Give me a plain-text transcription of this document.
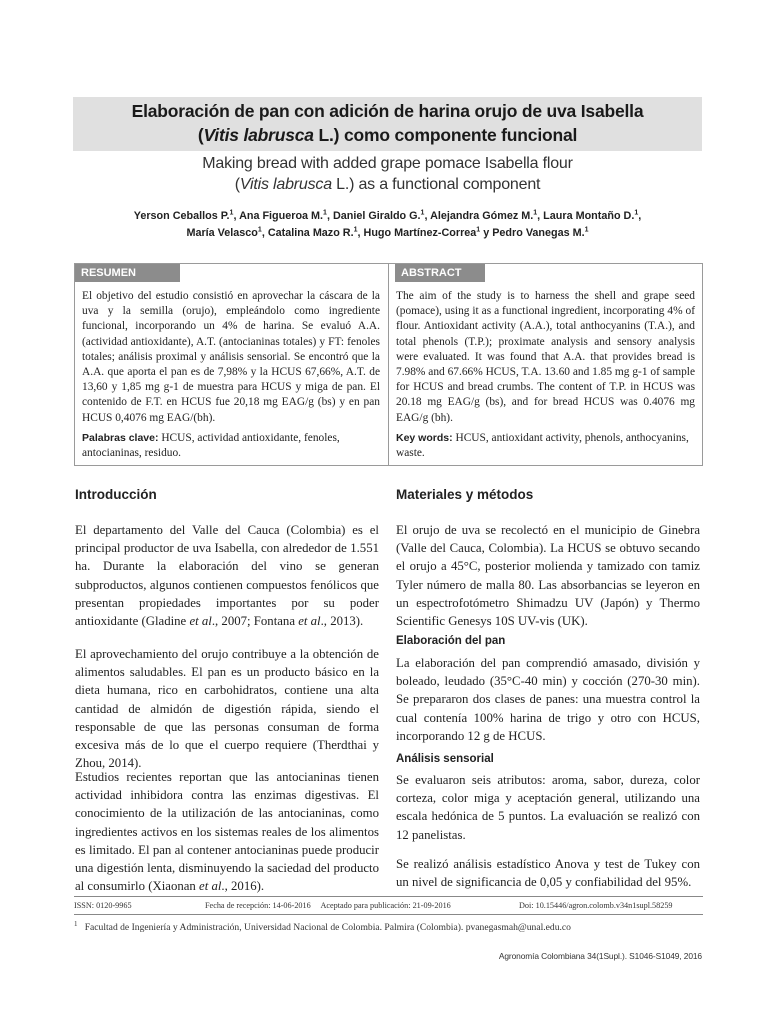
Elaboración de pan con adición de harina orujo de uva Isabella
(Vitis labrusca L.) como componente funcional
Making bread with added grape pomace Isabella flour
(Vitis labrusca L.) as a functional component
Yerson Ceballos P.$^1$, Ana Figueroa M.$^1$, Daniel Giraldo G.$^1$, Alejandra Gómez M.$^1$, Laura Montaño D.$^1$,
María Velasco$^1$, Catalina Mazo R.$^1$, Hugo Martínez-Correa$^1$ y Pedro Vanegas M.$^1$
RESUMEN
El objetivo del estudio consistió en aprovechar la cáscara de la uva y la semilla (orujo), empleándolo como ingrediente funcional, incorporando un 4% de harina. Se evaluó A.A. (actividad antioxidante), A.T. (antocianinas totales) y FT: fenoles totales; análisis proximal y análisis sensorial. Se encontró que la A.A. que aporta el pan es de 7,98% y la HCUS 67,66%, A.T. de 13,60 y 1,85 mg g-1 de muestra para HCUS y miga de pan. El contenido de F.T. en HCUS fue 20,18 mg EAG/g (bs) y en pan HCUS 0,4076 mg EAG/(bh).
Palabras clave: HCUS, actividad antioxidante, fenoles, antocianinas, residuo.
ABSTRACT
The aim of the study is to harness the shell and grape seed (pomace), using it as a functional ingredient, incorporating 4% of flour. Antioxidant activity (A.A.), total anthocyanins (T.A.), and total phenols (T.P.); proximate analysis and sensory analysis were evaluated. It was found that A.A. that provides bread is 7.98% and 67.66% HCUS, T.A. 13.60 and 1.85 mg g-1 of sample for HCUS and bread crumbs. The content of T.P. in HCUS was 20.18 mg EAG/g (bs), and for bread HCUS was 0.4076 mg EAG/g (bh).
Key words: HCUS, antioxidant activity, phenols, anthocyanins, waste.
Introducción
El departamento del Valle del Cauca (Colombia) es el principal productor de uva Isabella, con alrededor de 1.551 ha. Durante la elaboración del vino se generan subproductos, algunos contienen compuestos fenólicos que presentan propiedades importantes por su poder antioxidante (Gladine et al., 2007; Fontana et al., 2013).
El aprovechamiento del orujo contribuye a la obtención de alimentos saludables. El pan es un producto básico en la dieta humana, rico en carbohidratos, contiene una alta cantidad de almidón de digestión rápida, siendo el responsable de que las personas consuman de forma excesiva más de lo que el cuerpo requiere (Therdthai y Zhou, 2014).
Estudios recientes reportan que las antocianinas tienen actividad inhibidora contra las enzimas digestivas. El conocimiento de la utilización de las antocianinas, como ingredientes activos en los sistemas reales de los alimentos es limitado. El pan al contener antocianinas puede producir una digestión lenta, disminuyendo la saciedad del producto al consumirlo (Xiaonan et al., 2016).
Materiales y métodos
El orujo de uva se recolectó en el municipio de Ginebra (Valle del Cauca, Colombia). La HCUS se obtuvo secando el orujo a 45°C, posterior molienda y tamizado con tamiz Tyler número de malla 80. Las absorbancias se leyeron en un espectrofotómetro Shimadzu UV (Japón) y Thermo Scientific Genesys 10S UV-vis (UK).
Elaboración del pan
La elaboración del pan comprendió amasado, división y boleado, leudado (35°C-40 min) y cocción (270-30 min). Se prepararon dos clases de panes: una muestra control la cual contenía 100% harina de trigo y otro con HCUS, incorporando 12 g de HCUS.
Análisis sensorial
Se evaluaron seis atributos: aroma, sabor, dureza, color corteza, color miga y aceptación general, utilizando una escala hedónica de 5 puntos. La evaluación se realizó con 12 panelistas.
Se realizó análisis estadístico Anova y test de Tukey con un nivel de significancia de 0,05 y confiabilidad del 95%.
ISSN: 0120-9965	Fecha de recepción: 14-06-2016     Aceptado para publicación: 21-09-2016	Doi: 10.15446/agron.colomb.v34n1supl.58259
$^1$ Facultad de Ingeniería y Administración, Universidad Nacional de Colombia. Palmira (Colombia). pvanegasmah@unal.edu.co
Agronomía Colombiana 34(1Supl.). S1046-S1049, 2016
